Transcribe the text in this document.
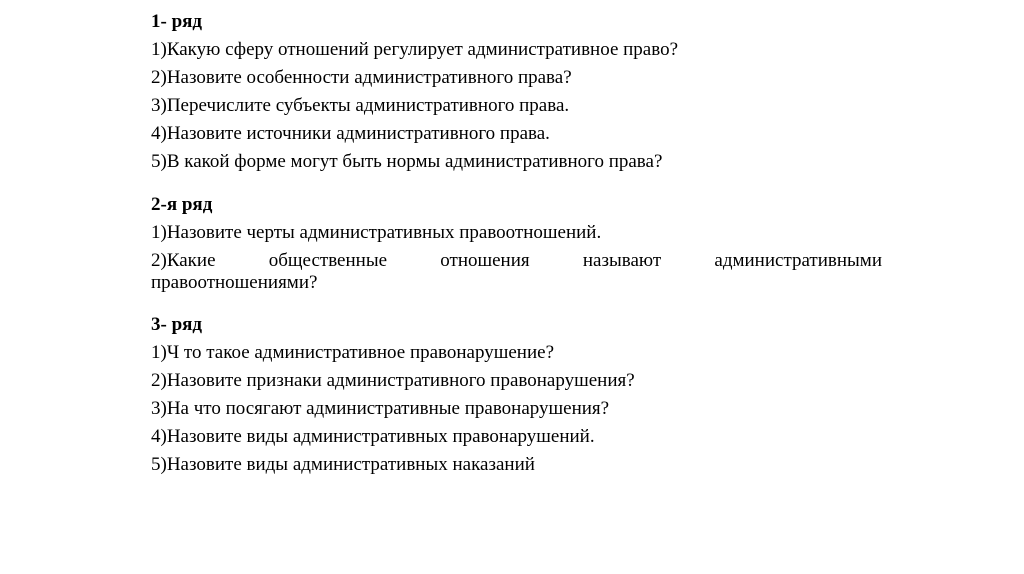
1- ряд
1)Какую сферу отношений регулирует административное право?
2)Назовите особенности административного права?
3)Перечислите субъекты административного права.
4)Назовите источники административного права.
5)В какой форме могут быть нормы административного права?
2-я ряд
1)Назовите черты административных правоотношений.
2)Какие общественные отношения называют административными
правоотношениями?
3- ряд
1)Ч то такое административное правонарушение?
2)Назовите признаки административного правонарушения?
3)На что посягают административные правонарушения?
4)Назовите виды административных правонарушений.
5)Назовите виды административных наказаний
